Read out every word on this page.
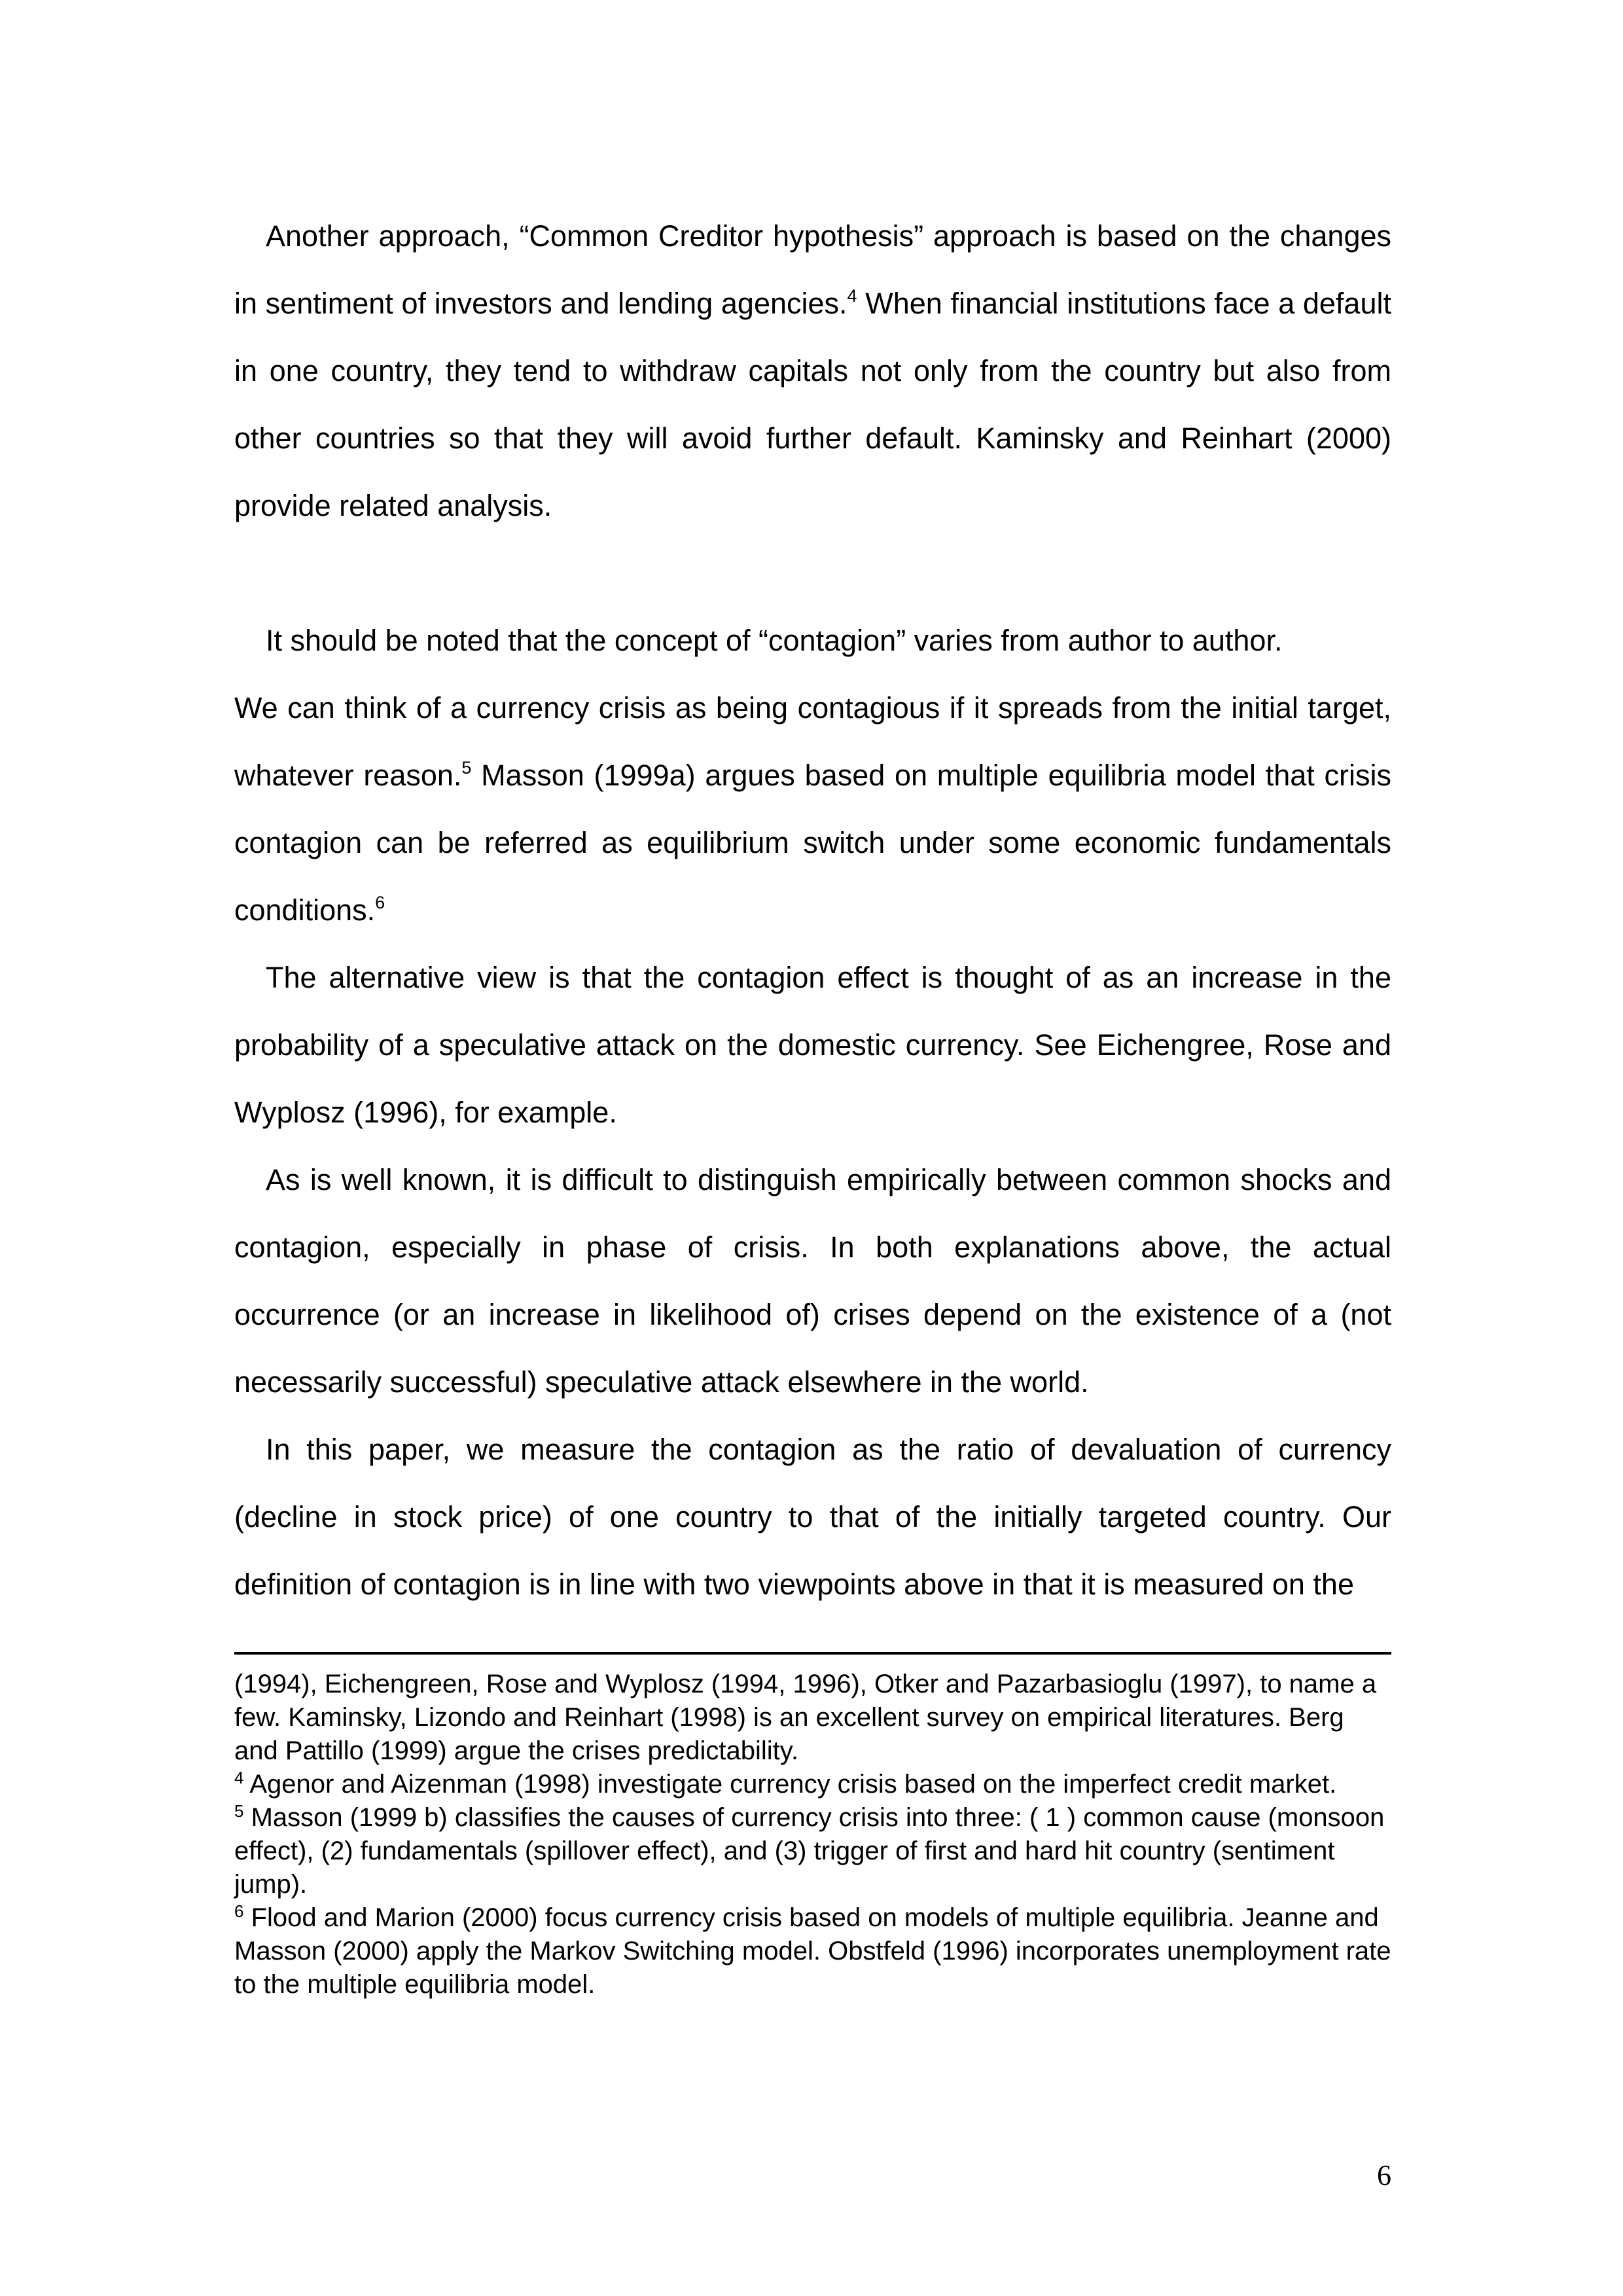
Another approach, “Common Creditor hypothesis” approach is based on the changes in sentiment of investors and lending agencies.$^4$ When financial institutions face a default in one country, they tend to withdraw capitals not only from the country but also from other countries so that they will avoid further default. Kaminsky and Reinhart (2000) provide related analysis.

It should be noted that the concept of “contagion” varies from author to author.
We can think of a currency crisis as being contagious if it spreads from the initial target, whatever reason.$^5$ Masson (1999a) argues based on multiple equilibria model that crisis contagion can be referred as equilibrium switch under some economic fundamentals conditions.$^6$

The alternative view is that the contagion effect is thought of as an increase in the probability of a speculative attack on the domestic currency. See Eichengree, Rose and Wyplosz (1996), for example.

As is well known, it is difficult to distinguish empirically between common shocks and contagion, especially in phase of crisis. In both explanations above, the actual occurrence (or an increase in likelihood of) crises depend on the existence of a (not necessarily successful) speculative attack elsewhere in the world.

In this paper, we measure the contagion as the ratio of devaluation of currency (decline in stock price) of one country to that of the initially targeted country. Our definition of contagion is in line with two viewpoints above in that it is measured on the

(1994), Eichengreen, Rose and Wyplosz (1994, 1996), Otker and Pazarbasioglu (1997), to name a few. Kaminsky, Lizondo and Reinhart (1998) is an excellent survey on empirical literatures. Berg and Pattillo (1999) argue the crises predictability.

$^4$ Agenor and Aizenman (1998) investigate currency crisis based on the imperfect credit market.

$^5$ Masson (1999 b) classifies the causes of currency crisis into three: ( 1 ) common cause (monsoon effect), (2) fundamentals (spillover effect), and (3) trigger of first and hard hit country (sentiment jump).

$^6$ Flood and Marion (2000) focus currency crisis based on models of multiple equilibria. Jeanne and Masson (2000) apply the Markov Switching model. Obstfeld (1996) incorporates unemployment rate to the multiple equilibria model.

6
